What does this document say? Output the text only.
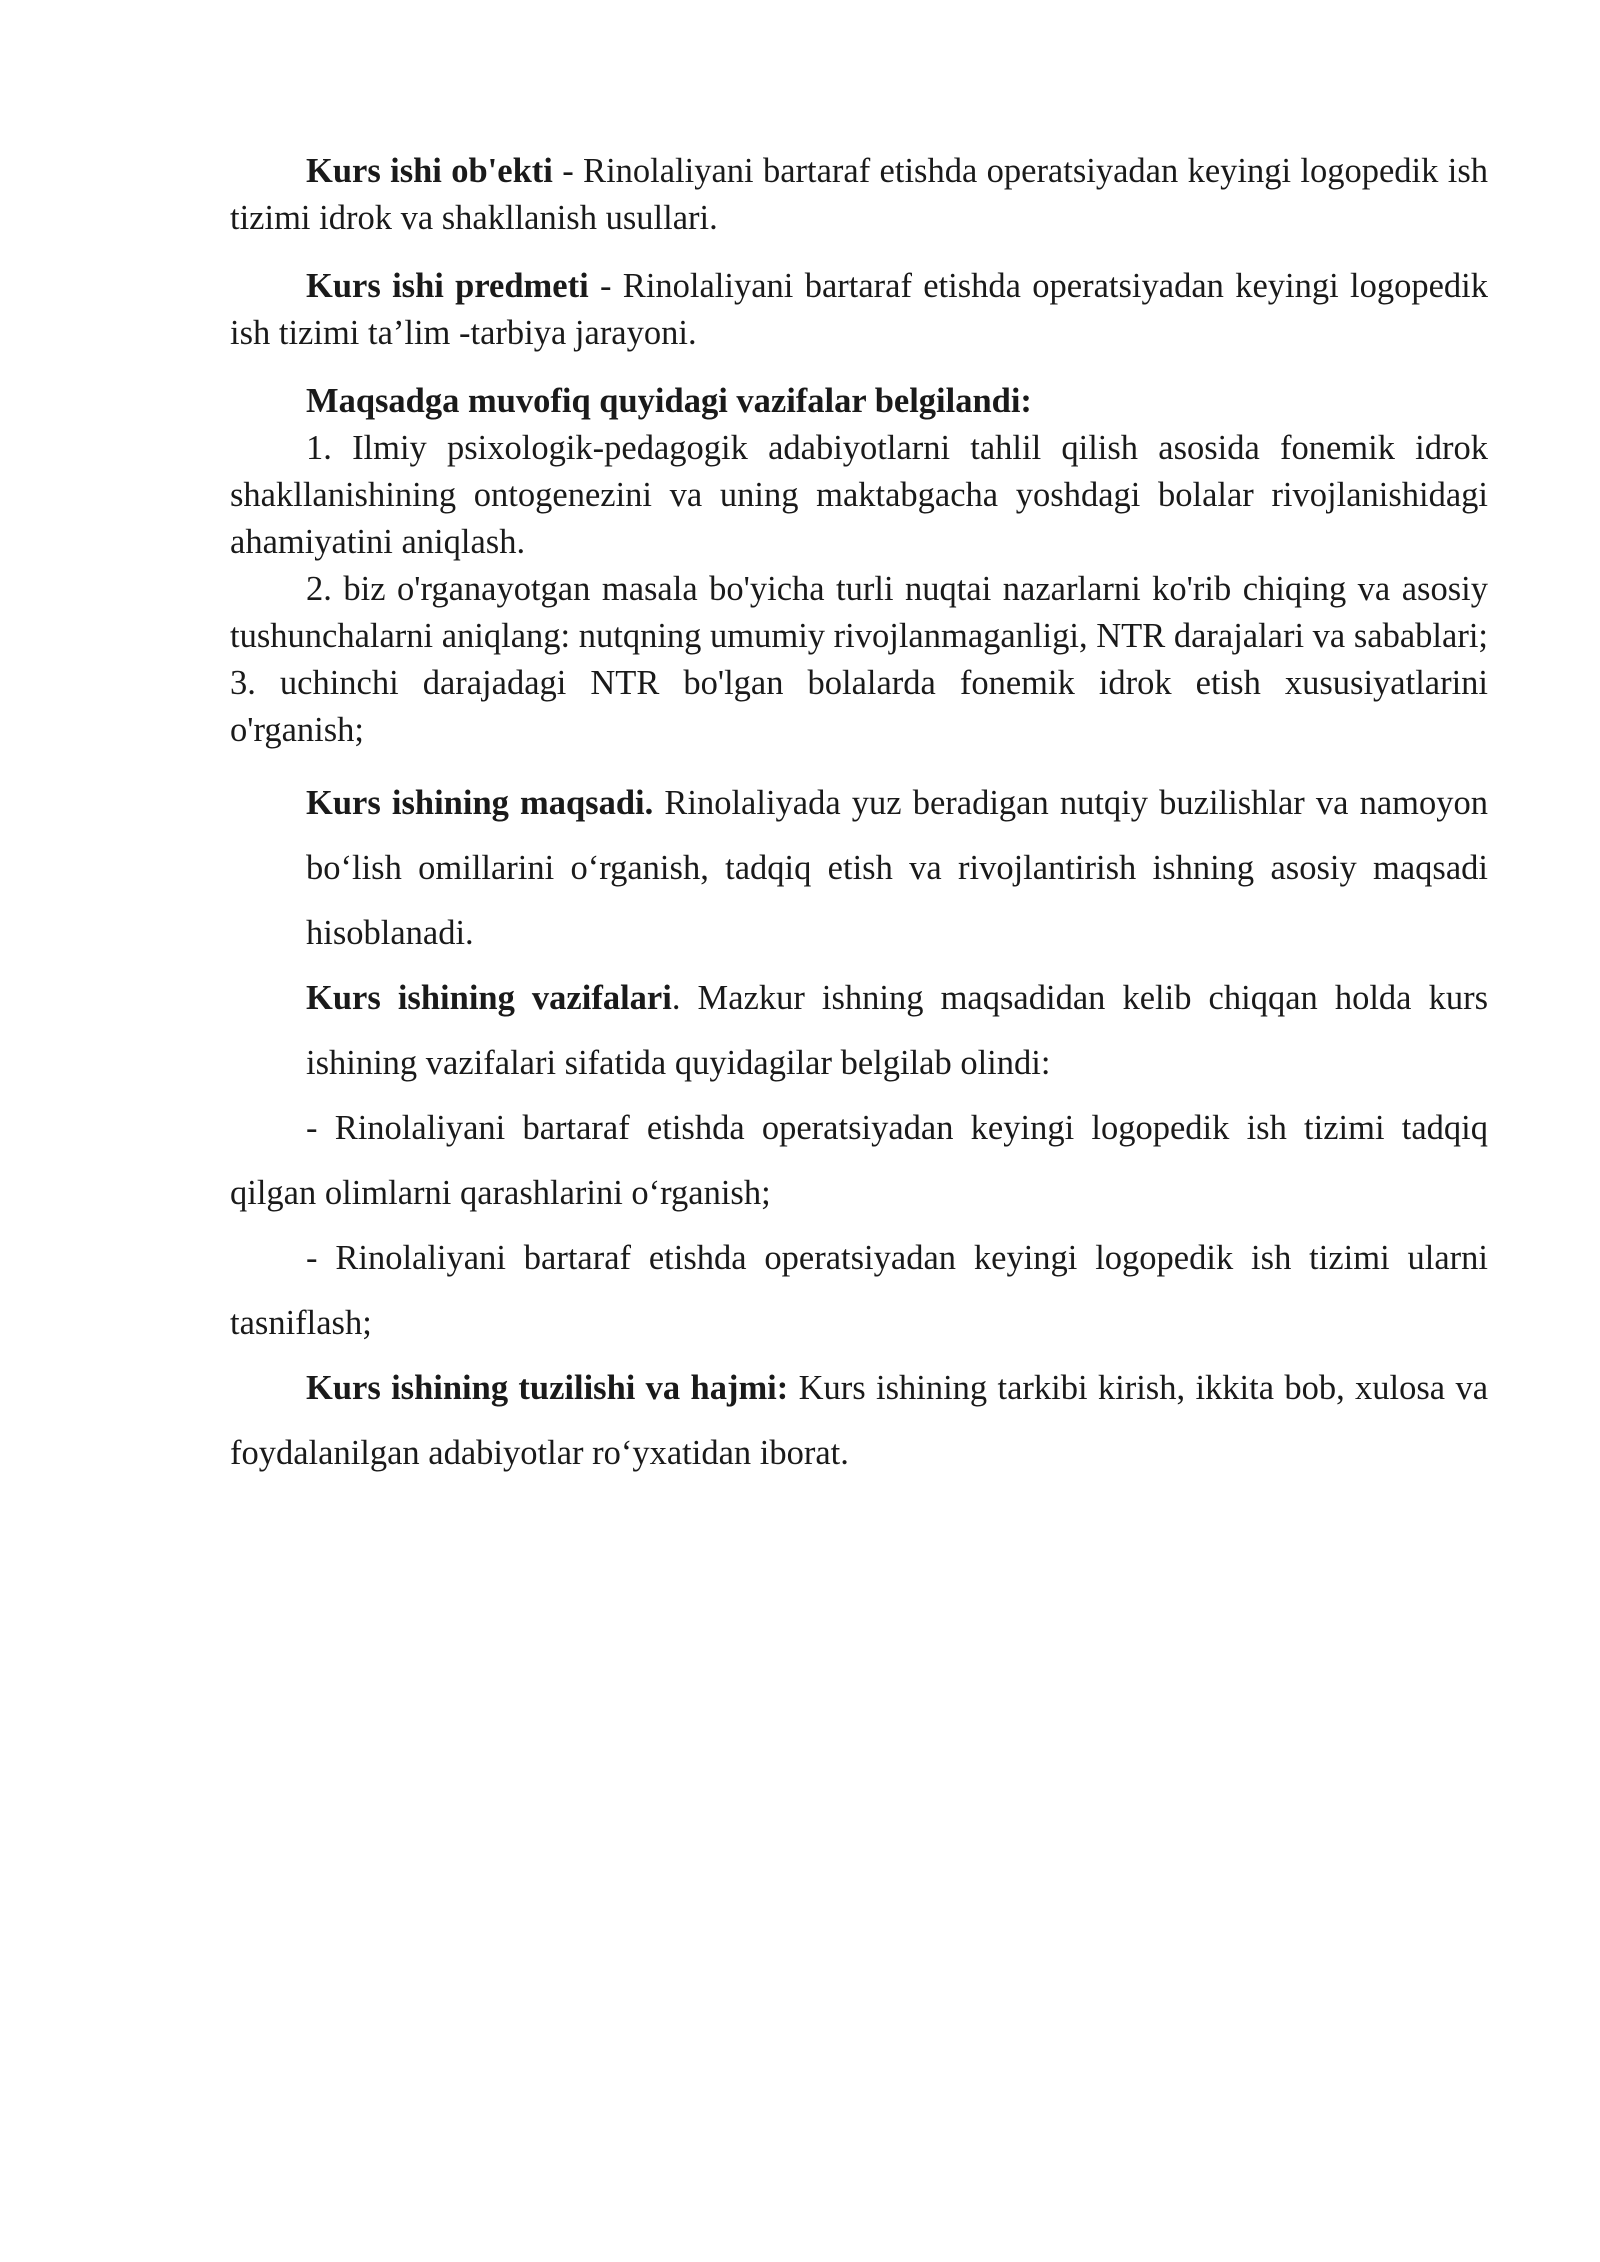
Kurs ishi ob'ekti - Rinolaliyani bartaraf etishda operatsiyadan keyingi logopedik ish tizimi idrok va shakllanish usullari.

Kurs ishi predmeti - Rinolaliyani bartaraf etishda operatsiyadan keyingi logopedik ish tizimi ta’lim -tarbiya jarayoni.

Maqsadga muvofiq quyidagi vazifalar belgilandi:

1. Ilmiy psixologik-pedagogik adabiyotlarni tahlil qilish asosida fonemik idrok shakllanishining ontogenezini va uning maktabgacha yoshdagi bolalar rivojlanishidagi ahamiyatini aniqlash.

2. biz o'rganayotgan masala bo'yicha turli nuqtai nazarlarni ko'rib chiqing va asosiy tushunchalarni aniqlang: nutqning umumiy rivojlanmaganligi, NTR darajalari va sabablari; 3. uchinchi darajadagi NTR bo'lgan bolalarda fonemik idrok etish xususiyatlarini o'rganish;

Kurs ishining maqsadi. Rinolaliyada yuz beradigan nutqiy buzilishlar va namoyon bo‘lish omillarini o‘rganish, tadqiq etish va rivojlantirish ishning asosiy maqsadi hisoblanadi.

Kurs ishining vazifalari. Mazkur ishning maqsadidan kelib chiqqan holda kurs ishining vazifalari sifatida quyidagilar belgilab olindi:

- Rinolaliyani bartaraf etishda operatsiyadan keyingi logopedik ish tizimi tadqiq qilgan olimlarni qarashlarini o‘rganish;

- Rinolaliyani bartaraf etishda operatsiyadan keyingi logopedik ish tizimi ularni tasniflash;

Kurs ishining tuzilishi va hajmi: Kurs ishining tarkibi kirish, ikkita bob, xulosa va foydalanilgan adabiyotlar ro‘yxatidan iborat.
